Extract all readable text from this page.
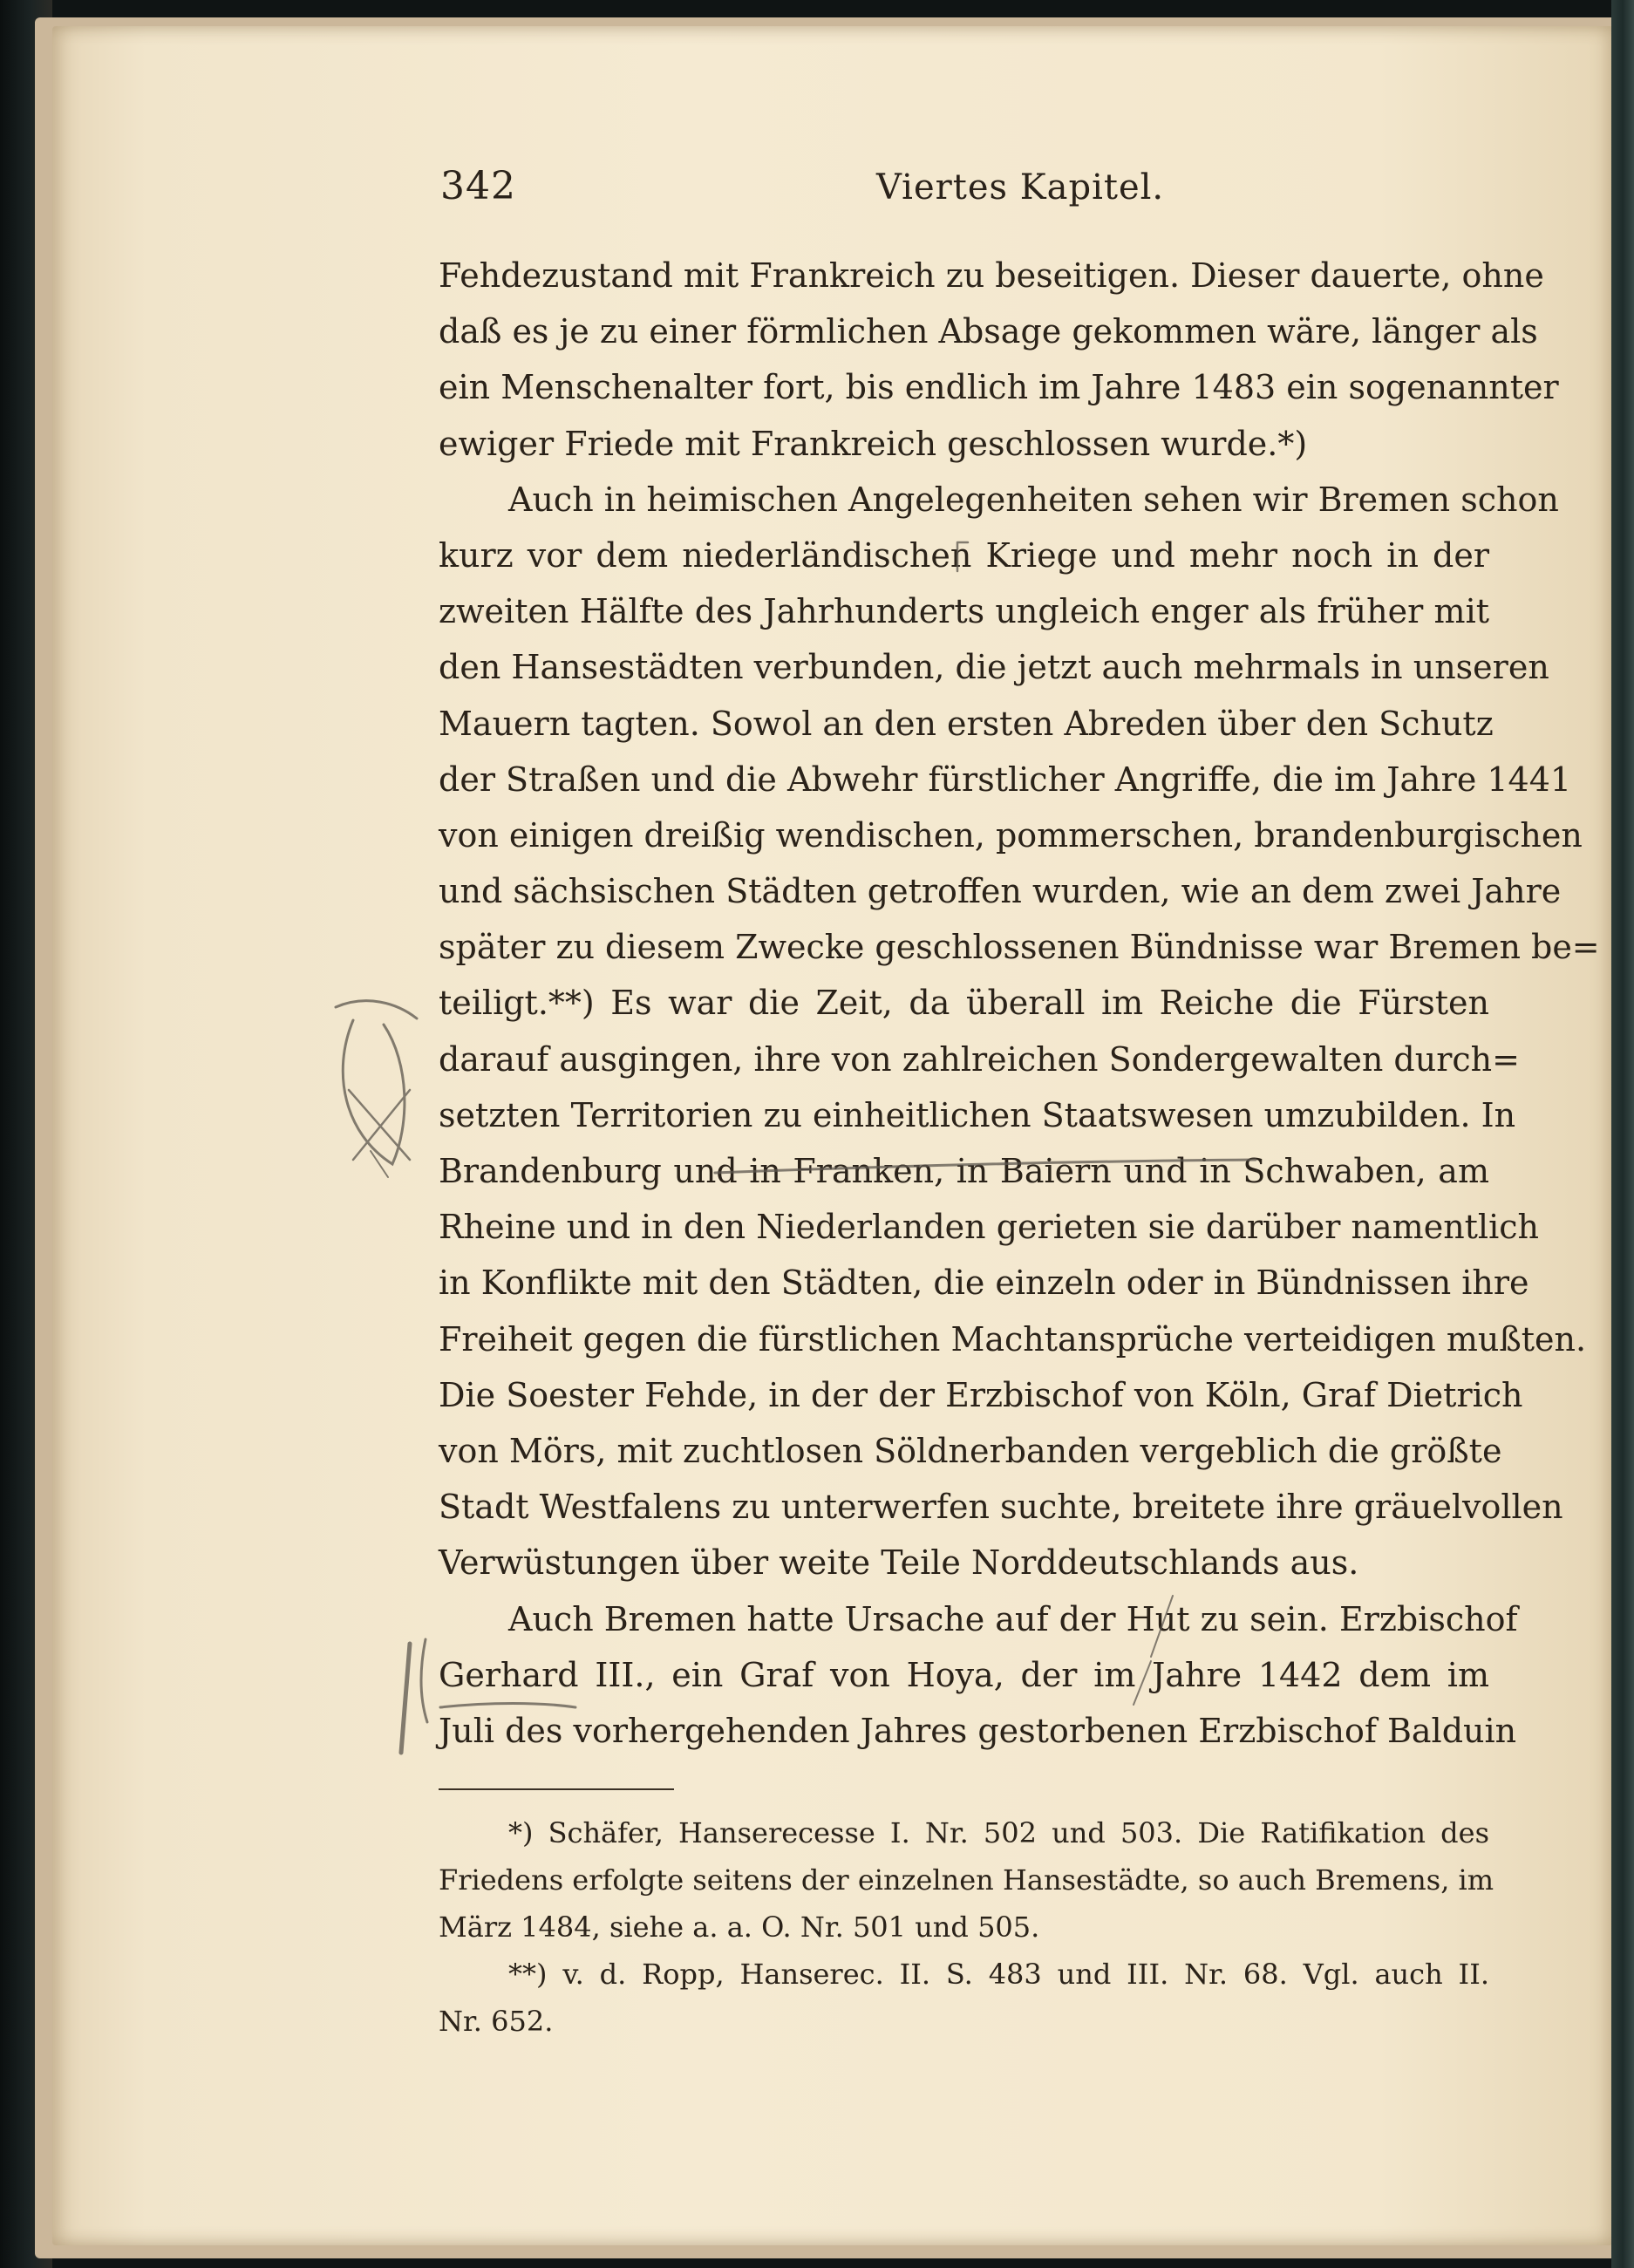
342	Viertes Kapitel.
Fehdezustand mit Frankreich zu beseitigen. Dieser dauerte, ohne
daß es je zu einer förmlichen Absage gekommen wäre, länger als
ein Menschenalter fort, bis endlich im Jahre 1483 ein sogenannter
ewiger Friede mit Frankreich geschlossen wurde.*)
Auch in heimischen Angelegenheiten sehen wir Bremen schon
kurz vor dem niederländischen Kriege und mehr noch in der
zweiten Hälfte des Jahrhunderts ungleich enger als früher mit
den Hansestädten verbunden, die jetzt auch mehrmals in unseren
Mauern tagten. Sowol an den ersten Abreden über den Schutz
der Straßen und die Abwehr fürstlicher Angriffe, die im Jahre 1441
von einigen dreißig wendischen, pommerschen, brandenburgischen
und sächsischen Städten getroffen wurden, wie an dem zwei Jahre
später zu diesem Zwecke geschlossenen Bündnisse war Bremen be=
teiligt.**) Es war die Zeit, da überall im Reiche die Fürsten
darauf ausgingen, ihre von zahlreichen Sondergewalten durch=
setzten Territorien zu einheitlichen Staatswesen umzubilden. In
Brandenburg und in Franken, in Baiern und in Schwaben, am
Rheine und in den Niederlanden gerieten sie darüber namentlich
in Konflikte mit den Städten, die einzeln oder in Bündnissen ihre
Freiheit gegen die fürstlichen Machtansprüche verteidigen mußten.
Die Soester Fehde, in der der Erzbischof von Köln, Graf Dietrich
von Mörs, mit zuchtlosen Söldnerbanden vergeblich die größte
Stadt Westfalens zu unterwerfen suchte, breitete ihre gräuelvollen
Verwüstungen über weite Teile Norddeutschlands aus.
Auch Bremen hatte Ursache auf der Hut zu sein. Erzbischof
Gerhard III., ein Graf von Hoya, der im Jahre 1442 dem im
Juli des vorhergehenden Jahres gestorbenen Erzbischof Balduin
*) Schäfer, Hanserecesse I. Nr. 502 und 503. Die Ratifikation des
Friedens erfolgte seitens der einzelnen Hansestädte, so auch Bremens, im
März 1484, siehe a. a. O. Nr. 501 und 505.
**) v. d. Ropp, Hanserec. II. S. 483 und III. Nr. 68. Vgl. auch II.
Nr. 652.
